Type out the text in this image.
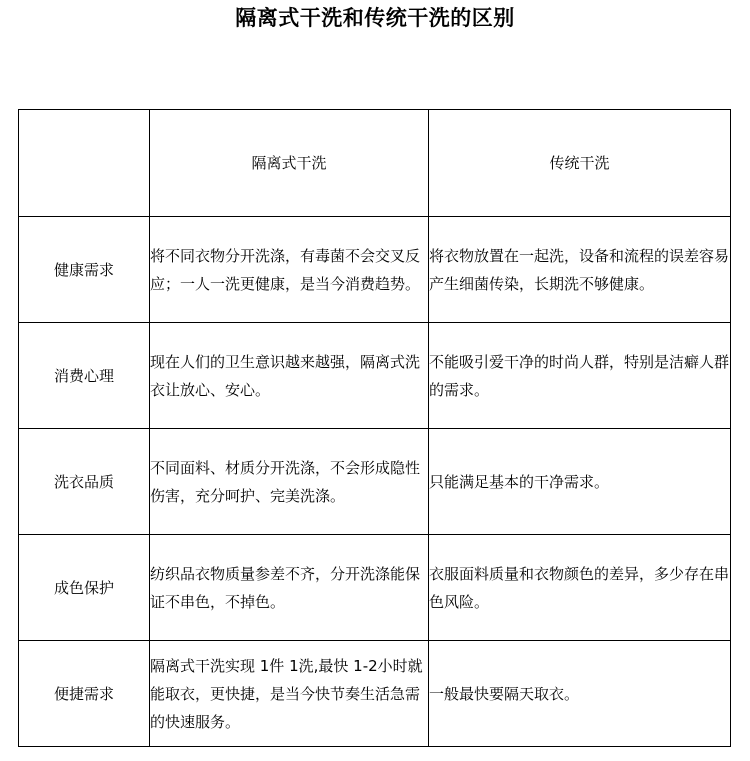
隔离式干洗和传统干洗的区别
	隔离式干洗	传统干洗
健康需求	将不同衣物分开洗涤，有毒菌不会交叉反应；一人一洗更健康，是当今消费趋势。	将衣物放置在一起洗，设备和流程的误差容易产生细菌传染，长期洗不够健康。
消费心理	现在人们的卫生意识越来越强，隔离式洗衣让放心、安心。	不能吸引爱干净的时尚人群，特别是洁癖人群的需求。
洗衣品质	不同面料、材质分开洗涤，不会形成隐性伤害，充分呵护、完美洗涤。	只能满足基本的干净需求。
成色保护	纺织品衣物质量参差不齐，分开洗涤能保证不串色，不掉色。	衣服面料质量和衣物颜色的差异，多少存在串色风险。
便捷需求	隔离式干洗实现 1件 1洗,最快 1-2小时就能取衣，更快捷，是当今快节奏生活急需的快速服务。	一般最快要隔天取衣。
